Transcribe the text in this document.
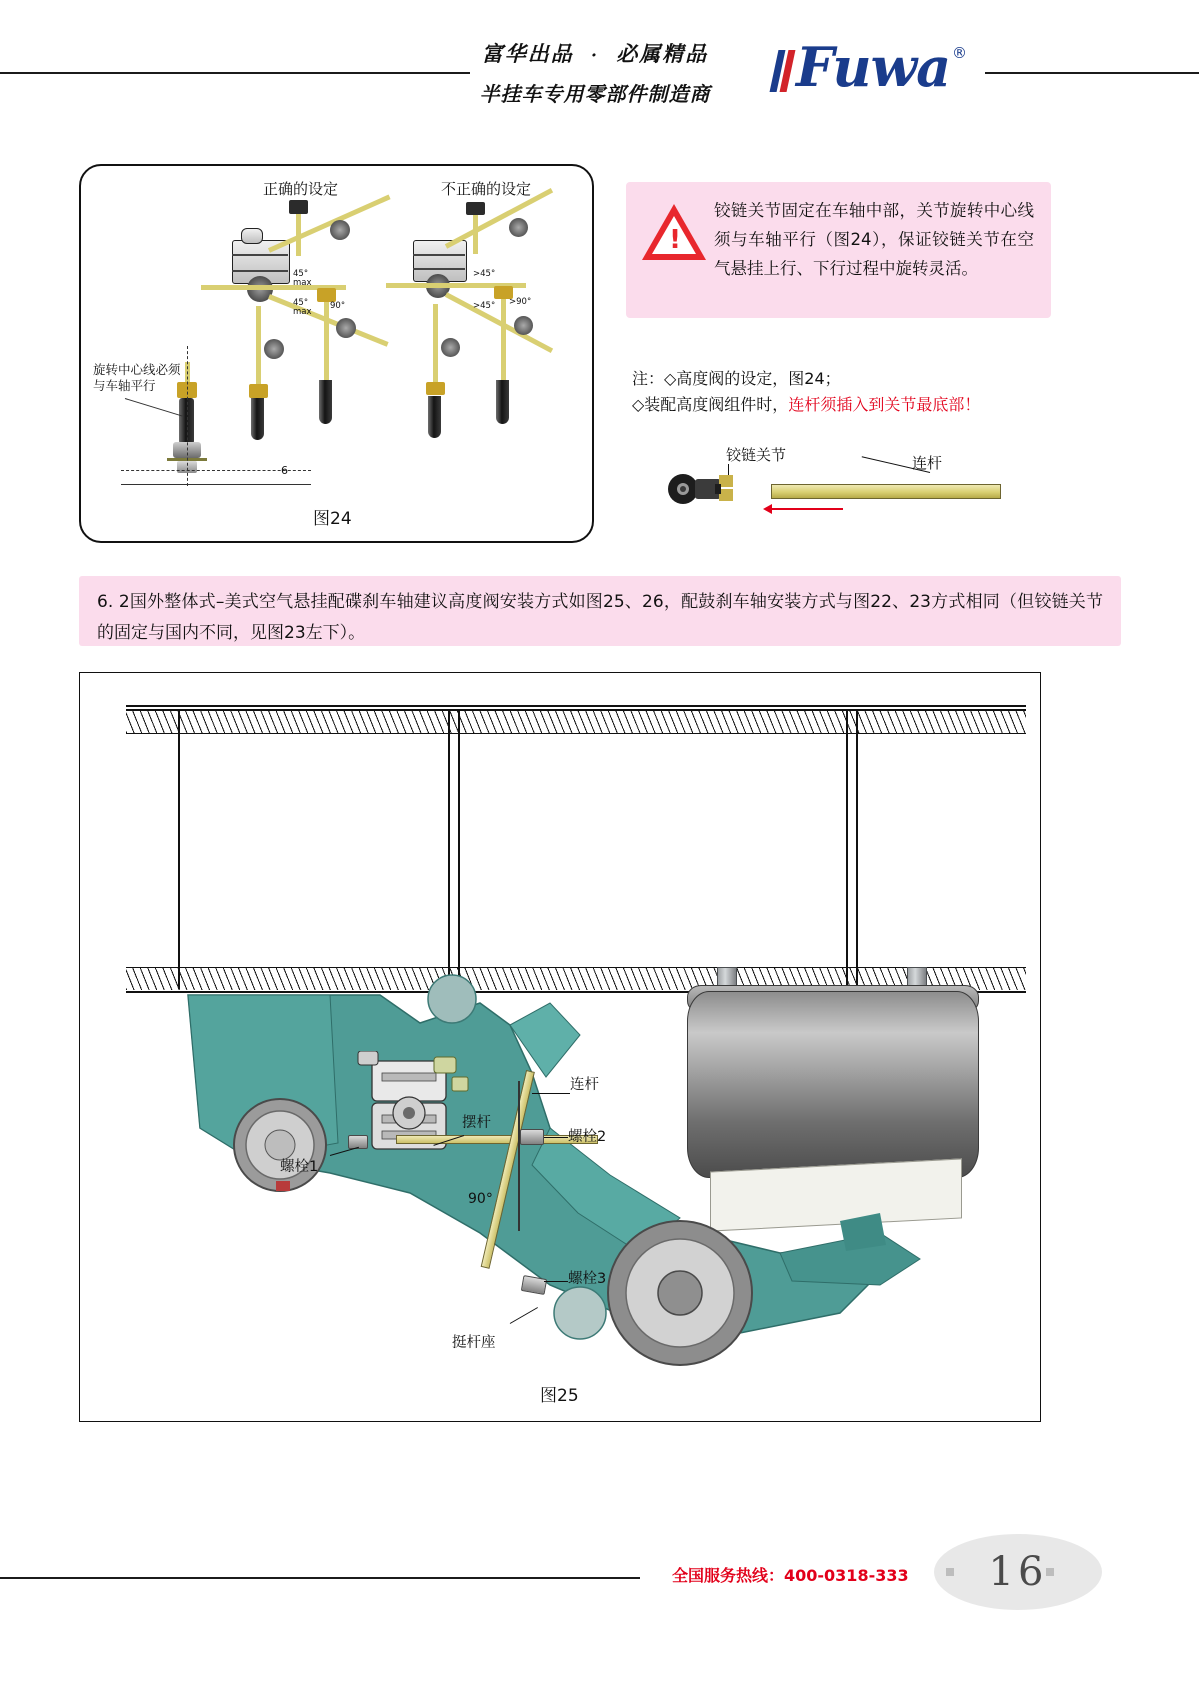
富华出品 · 必属精品
半挂车专用零部件制造商	Fuwa ®
正确的设定	不正确的设定
45°
max
45°
max
90°
>45°
>45° >90°
旋转中心线必须与车轴平行
6
图24
!
铰链关节固定在车轴中部，关节旋转中心线须与车轴平行（图24），保证铰链关节在空气悬挂上行、下行过程中旋转灵活。
注：◇高度阀的设定，图24；
◇装配高度阀组件时，连杆须插入到关节最底部！
铰链关节	连杆

6. 2国外整体式–美式空气悬挂配碟刹车轴建议高度阀安装方式如图25、26，配鼓刹车轴安装方式与图22、23方式相同（但铰链关节的固定与国内不同，见图23左下）。

连杆
摆杆
螺栓2
螺栓1
螺栓3
挺杆座
90°
图25
全国服务热线：400-0318-333	16
